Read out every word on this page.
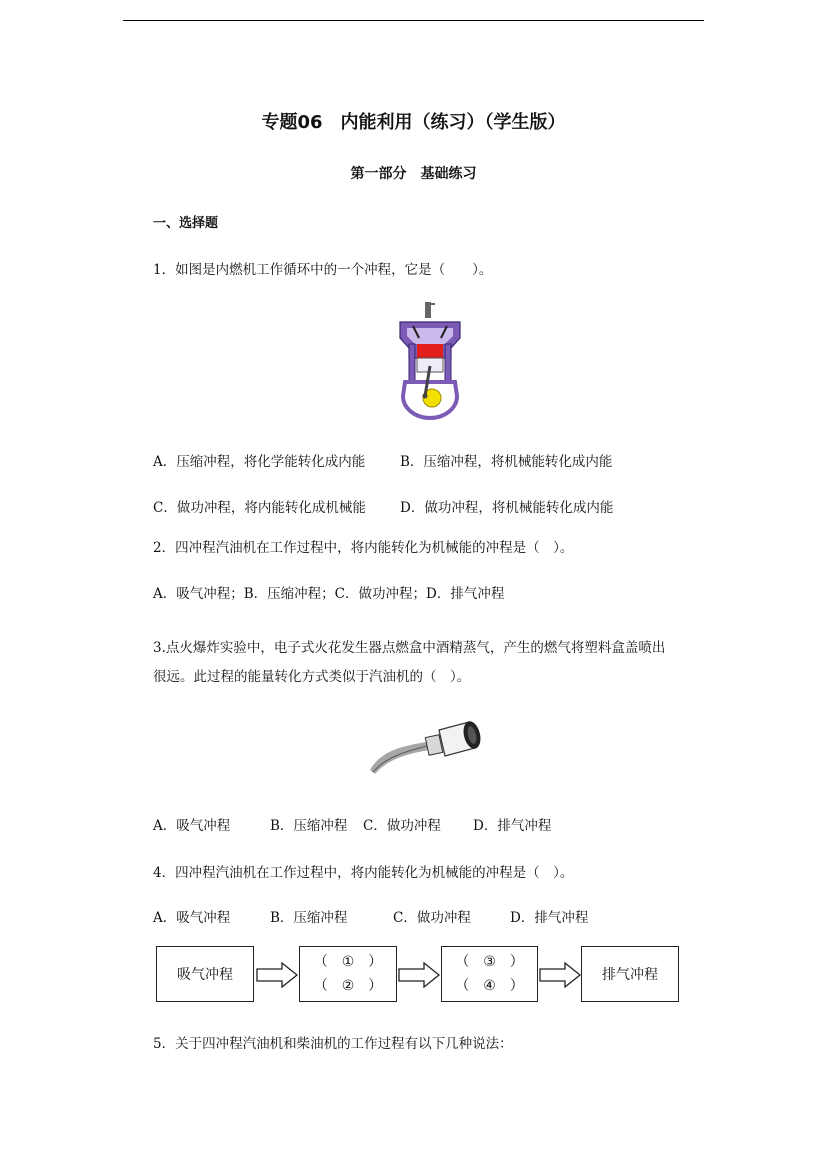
专题06　内能利用（练习）（学生版）
第一部分　基础练习
一、选择题
1．如图是内燃机工作循环中的一个冲程，它是（　　）。
A．压缩冲程，将化学能转化成内能	B．压缩冲程，将机械能转化成内能
C．做功冲程，将内能转化成机械能	D．做功冲程，将机械能转化成内能
2．四冲程汽油机在工作过程中，将内能转化为机械能的冲程是（　）。
A．吸气冲程；B．压缩冲程；C．做功冲程；D．排气冲程
3.点火爆炸实验中，电子式火花发生器点燃盒中酒精蒸气，产生的燃气将塑料盒盖喷出
很远。此过程的能量转化方式类似于汽油机的（　）。
A．吸气冲程	B．压缩冲程 C．做功冲程 D．排气冲程
4．四冲程汽油机在工作过程中，将内能转化为机械能的冲程是（　）。
A．吸气冲程	B．压缩冲程	C．做功冲程	D．排气冲程
吸气冲程
（　①　）
（　②　）
（　③　）
（　④　）
排气冲程
5．关于四冲程汽油机和柴油机的工作过程有以下几种说法：
